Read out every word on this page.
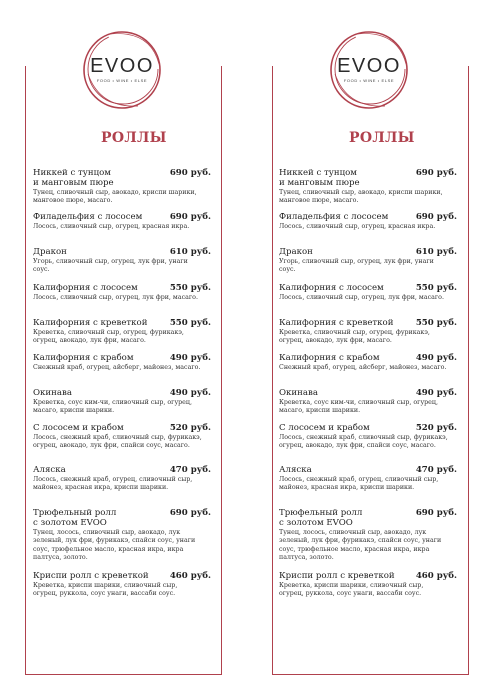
EVOO
FOOD • WINE • ELSE
РОЛЛЫ
Никкей с тунцом
и манговым пюре
690 руб.
Тунец, сливочный сыр, авокадо, криспи шарики, манговое пюре, масаго.
Филадельфия с лососем	690 руб.
Лосось, сливочный сыр, огурец, красная икра.
Дракон	610 руб.
Угорь, сливочный сыр, огурец, лук фри, унаги соус.
Калифорния с лососем	550 руб.
Лосось, сливочный сыр, огурец, лук фри, масаго.
Калифорния с креветкой	550 руб.
Креветка, сливочный сыр, огурец, фурикакэ, огурец, авокадо, лук фри, масаго.
Калифорния с крабом	490 руб.
Снежный краб, огурец, айсберг, майонез, масаго.
Окинава	490 руб.
Креветка, соус ким-чи, сливочный сыр, огурец, масаго, криспи шарики.
С лососем и крабом	520 руб.
Лосось, снежный краб, сливочный сыр, фурикакэ, огурец, авокадо, лук фри, спайси соус, масаго.
Аляска	470 руб.
Лосось, снежный краб, огурец, сливочный сыр, майонез, красная икра, криспи шарики.
Трюфельный ролл
с золотом EVOO
690 руб.
Тунец, лосось, сливочный сыр, авокадо, лук зеленый, лук фри, фурикакэ, спайси соус, унаги соус, трюфельное масло, красная икра, икра палтуса, золото.
Криспи ролл с креветкой	460 руб.
Креветка, криспи шарики, сливочный сыр, огурец, руккола, соус унаги, вассаби соус.
EVOO
FOOD • WINE • ELSE
РОЛЛЫ
Никкей с тунцом
и манговым пюре
690 руб.
Тунец, сливочный сыр, авокадо, криспи шарики, манговое пюре, масаго.
Филадельфия с лососем	690 руб.
Лосось, сливочный сыр, огурец, красная икра.
Дракон	610 руб.
Угорь, сливочный сыр, огурец, лук фри, унаги соус.
Калифорния с лососем	550 руб.
Лосось, сливочный сыр, огурец, лук фри, масаго.
Калифорния с креветкой	550 руб.
Креветка, сливочный сыр, огурец, фурикакэ, огурец, авокадо, лук фри, масаго.
Калифорния с крабом	490 руб.
Снежный краб, огурец, айсберг, майонез, масаго.
Окинава	490 руб.
Креветка, соус ким-чи, сливочный сыр, огурец, масаго, криспи шарики.
С лососем и крабом	520 руб.
Лосось, снежный краб, сливочный сыр, фурикакэ, огурец, авокадо, лук фри, спайси соус, масаго.
Аляска	470 руб.
Лосось, снежный краб, огурец, сливочный сыр, майонез, красная икра, криспи шарики.
Трюфельный ролл
с золотом EVOO
690 руб.
Тунец, лосось, сливочный сыр, авокадо, лук зеленый, лук фри, фурикакэ, спайси соус, унаги соус, трюфельное масло, красная икра, икра палтуса, золото.
Криспи ролл с креветкой	460 руб.
Креветка, криспи шарики, сливочный сыр, огурец, руккола, соус унаги, вассаби соус.
